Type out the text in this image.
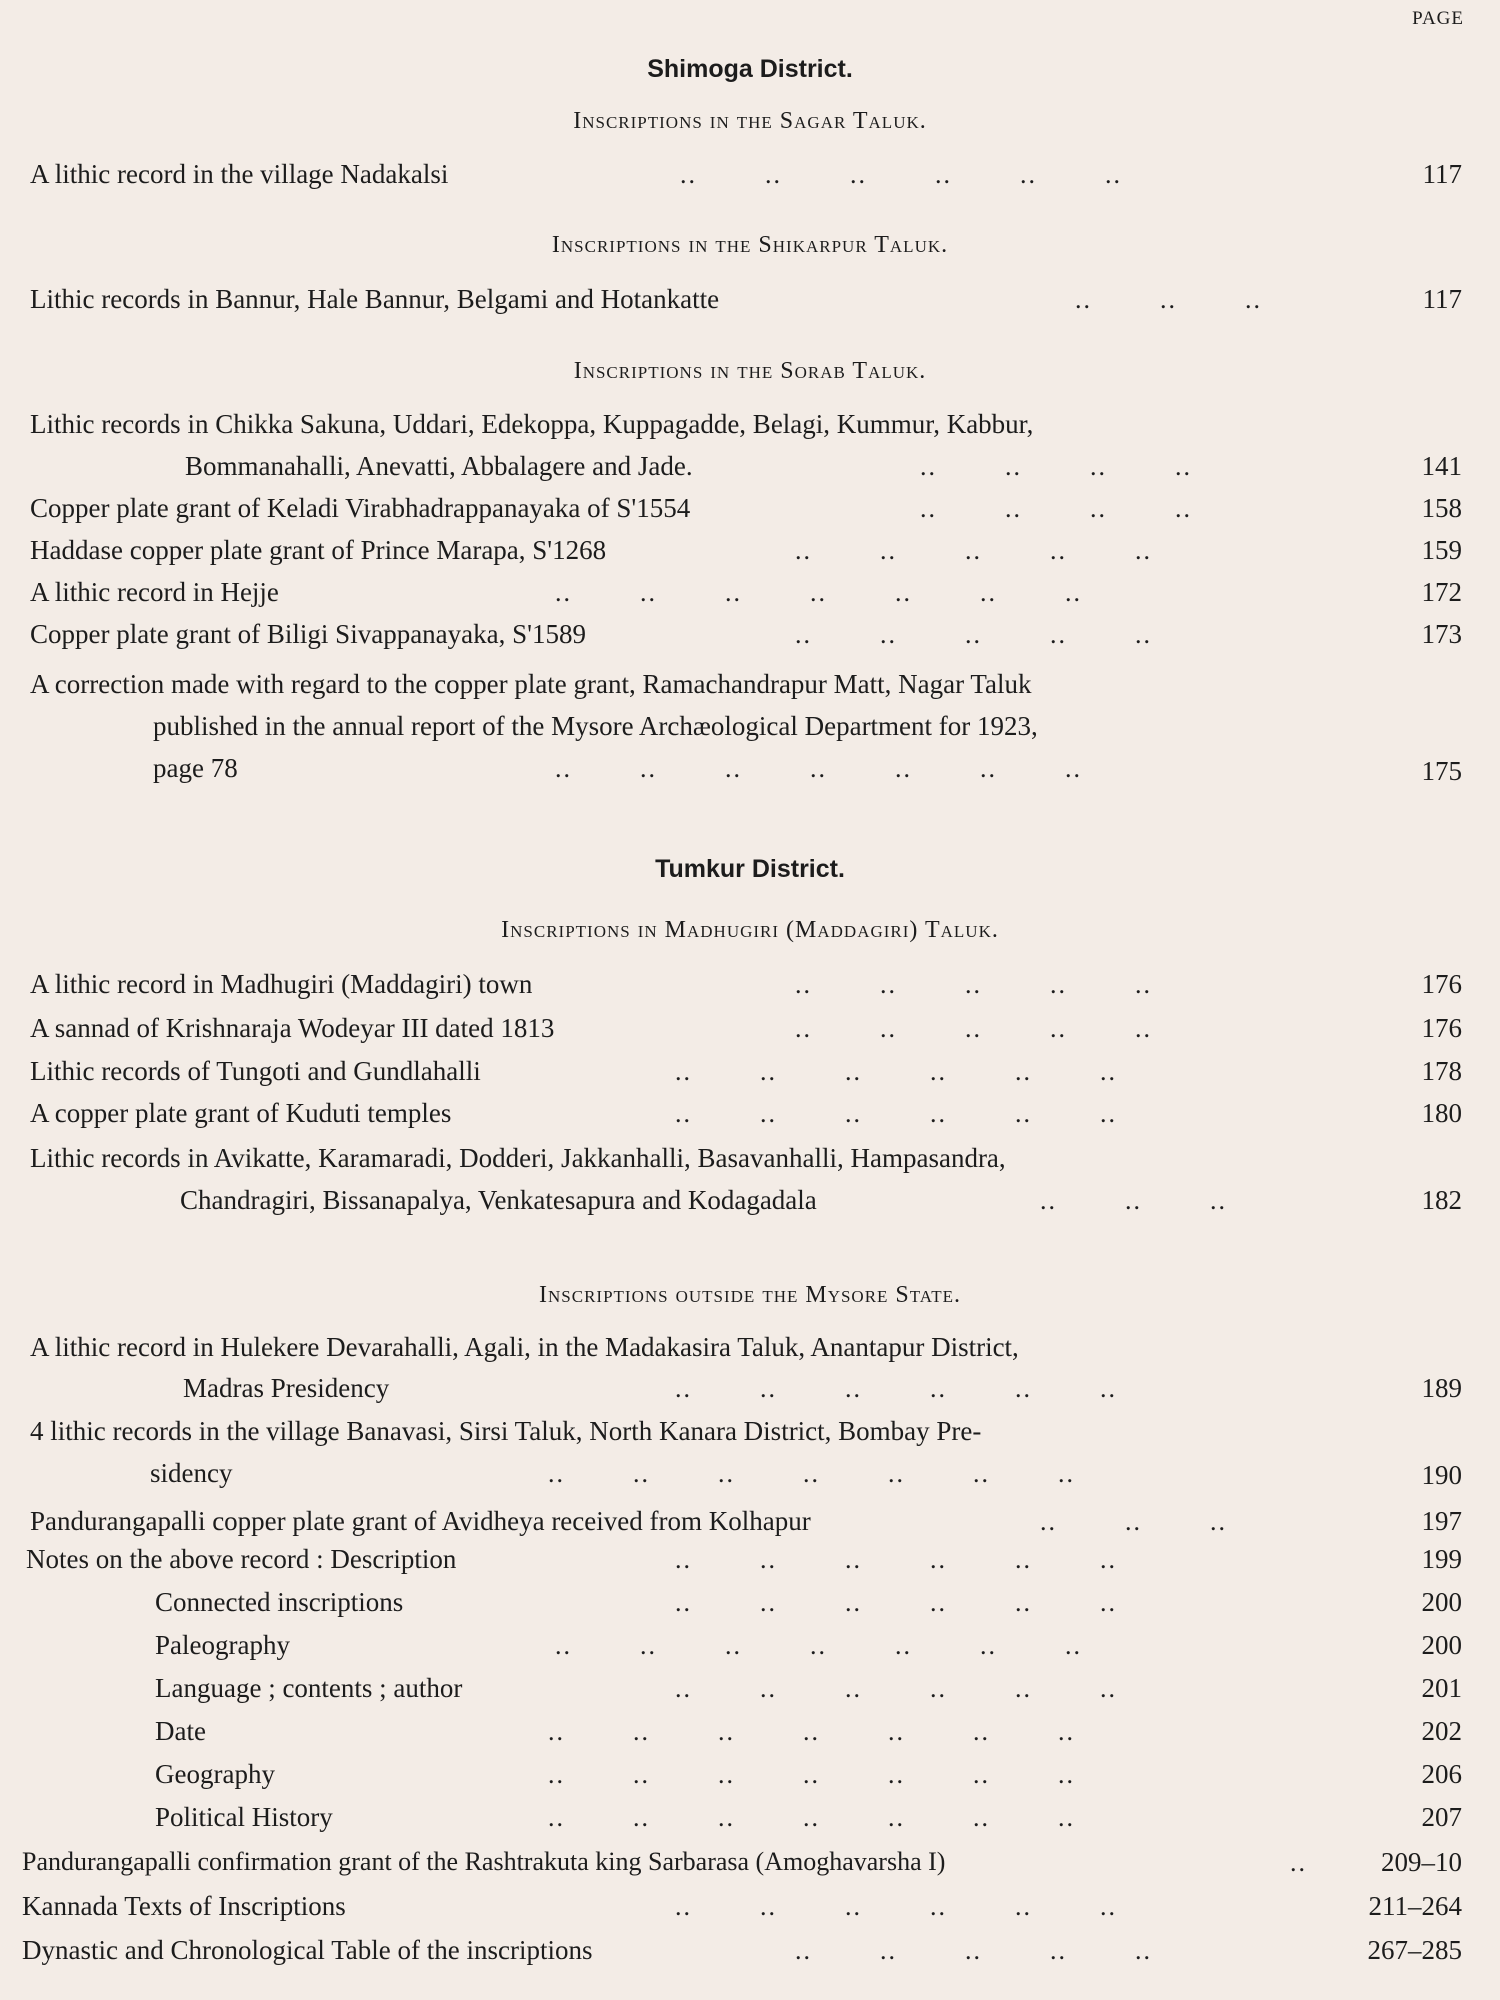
PAGE
Shimoga District.
Inscriptions in the Sagar Taluk.
A lithic record in the village Nadakalsi	..        ..        ..        ..        ..        ..	117
Inscriptions in the Shikarpur Taluk.
Lithic records in Bannur, Hale Bannur, Belgami and Hotankatte	..        ..        ..	117
Inscriptions in the Sorab Taluk.
Lithic records in Chikka Sakuna, Uddari, Edekoppa, Kuppagadde, Belagi, Kummur, Kabbur,
Bommanahalli, Anevatti, Abbalagere and Jade.	..        ..        ..        ..	141
Copper plate grant of Keladi Virabhadrappanayaka of S'1554	..        ..        ..        ..	158
Haddase copper plate grant of Prince Marapa, S'1268	..        ..        ..        ..        ..	159
A lithic record in Hejje	..        ..        ..        ..        ..        ..        ..	172
Copper plate grant of Biligi Sivappanayaka, S'1589	..        ..        ..        ..        ..	173
A correction made with regard to the copper plate grant, Ramachandrapur Matt, Nagar Taluk
published in the annual report of the Mysore Archæological Department for 1923,
page 78	..        ..        ..        ..        ..        ..        ..	175
Tumkur District.
Inscriptions in Madhugiri (Maddagiri) Taluk.
A lithic record in Madhugiri (Maddagiri) town	..        ..        ..        ..        ..	176
A sannad of Krishnaraja Wodeyar III dated 1813	..        ..        ..        ..        ..	176
Lithic records of Tungoti and Gundlahalli	..        ..        ..        ..        ..        ..	178
A copper plate grant of Kuduti temples	..        ..        ..        ..        ..        ..	180
Lithic records in Avikatte, Karamaradi, Dodderi, Jakkanhalli, Basavanhalli, Hampasandra,
Chandragiri, Bissanapalya, Venkatesapura and Kodagadala	..        ..        ..	182
Inscriptions outside the Mysore State.
A lithic record in Hulekere Devarahalli, Agali, in the Madakasira Taluk, Anantapur District,
Madras Presidency	..        ..        ..        ..        ..        ..	189
4 lithic records in the village Banavasi, Sirsi Taluk, North Kanara District, Bombay Pre-
sidency	..        ..        ..        ..        ..        ..        ..	190
Pandurangapalli copper plate grant of Avidheya received from Kolhapur	..        ..        ..	197
Notes on the above record : Description	..        ..        ..        ..        ..        ..	199
Connected inscriptions	..        ..        ..        ..        ..        ..	200
Paleography	..        ..        ..        ..        ..        ..        ..	200
Language ; contents ; author	..        ..        ..        ..        ..        ..	201
Date	..        ..        ..        ..        ..        ..        ..	202
Geography	..        ..        ..        ..        ..        ..        ..	206
Political History	..        ..        ..        ..        ..        ..        ..	207
Pandurangapalli confirmation grant of the Rashtrakuta king Sarbarasa (Amoghavarsha I)	..	209–10
Kannada Texts of Inscriptions	..        ..        ..        ..        ..        ..	211–264
Dynastic and Chronological Table of the inscriptions	..        ..        ..        ..        ..	267–285
